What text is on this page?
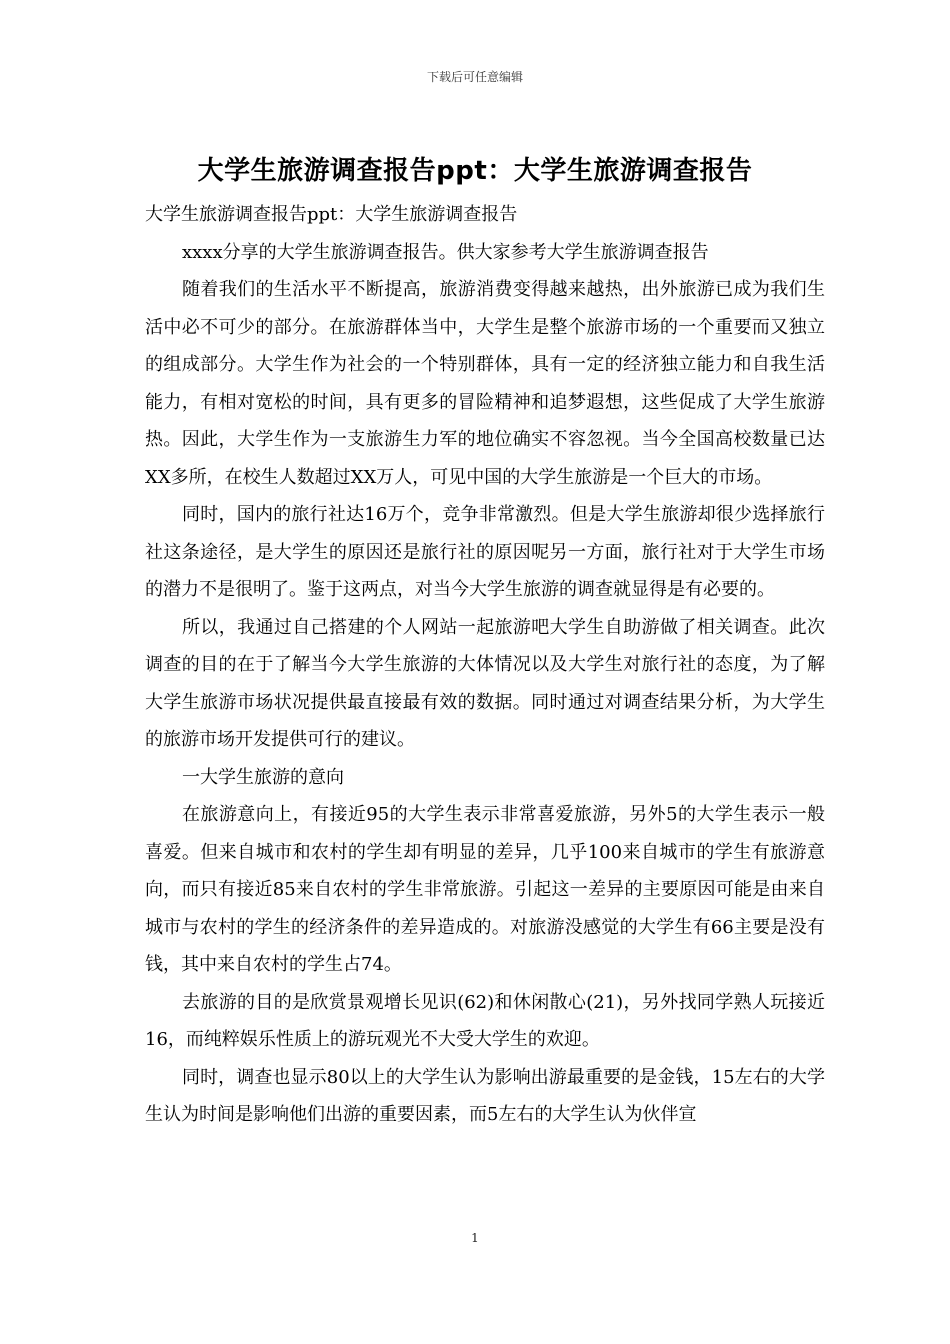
下载后可任意编辑
大学生旅游调查报告ppt：大学生旅游调查报告

大学生旅游调查报告ppt：大学生旅游调查报告

xxxx分享的大学生旅游调查报告。供大家参考大学生旅游调查报告

随着我们的生活水平不断提高，旅游消费变得越来越热，出外旅游已成为我们生活中必不可少的部分。在旅游群体当中，大学生是整个旅游市场的一个重要而又独立的组成部分。大学生作为社会的一个特别群体，具有一定的经济独立能力和自我生活能力，有相对宽松的时间，具有更多的冒险精神和追梦遐想，这些促成了大学生旅游热。因此，大学生作为一支旅游生力军的地位确实不容忽视。当今全国高校数量已达XX多所，在校生人数超过XX万人，可见中国的大学生旅游是一个巨大的市场。

同时，国内的旅行社达16万个，竞争非常激烈。但是大学生旅游却很少选择旅行社这条途径，是大学生的原因还是旅行社的原因呢另一方面，旅行社对于大学生市场的潜力不是很明了。鉴于这两点，对当今大学生旅游的调查就显得是有必要的。

所以，我通过自己搭建的个人网站一起旅游吧大学生自助游做了相关调查。此次调查的目的在于了解当今大学生旅游的大体情况以及大学生对旅行社的态度，为了解大学生旅游市场状况提供最直接最有效的数据。同时通过对调查结果分析，为大学生的旅游市场开发提供可行的建议。

一大学生旅游的意向

在旅游意向上，有接近95的大学生表示非常喜爱旅游，另外5的大学生表示一般喜爱。但来自城市和农村的学生却有明显的差异，几乎100来自城市的学生有旅游意向，而只有接近85来自农村的学生非常旅游。引起这一差异的主要原因可能是由来自城市与农村的学生的经济条件的差异造成的。对旅游没感觉的大学生有66主要是没有钱，其中来自农村的学生占74。

去旅游的目的是欣赏景观增长见识(62)和休闲散心(21)，另外找同学熟人玩接近16，而纯粹娱乐性质上的游玩观光不大受大学生的欢迎。

同时，调查也显示80以上的大学生认为影响出游最重要的是金钱，15左右的大学生认为时间是影响他们出游的重要因素，而5左右的大学生认为伙伴宣

1
